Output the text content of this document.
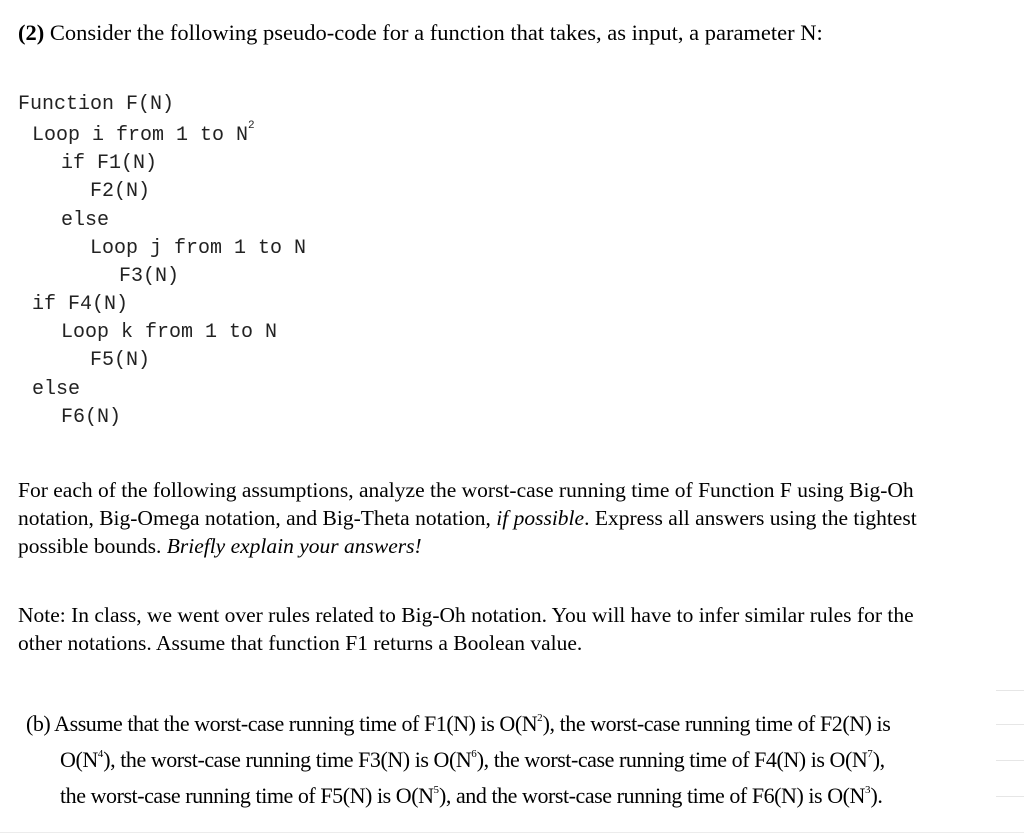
(2) Consider the following pseudo-code for a function that takes, as input, a parameter N:
Function F(N)
Loop i from 1 to $N^2$
if F1(N)
F2(N)
else
Loop j from 1 to N
F3(N)
if F4(N)
Loop k from 1 to N
F5(N)
else
F6(N)
For each of the following assumptions, analyze the worst-case running time of Function F using Big-Oh
notation, Big-Omega notation, and Big-Theta notation, if possible. Express all answers using the tightest
possible bounds. Briefly explain your answers!
Note: In class, we went over rules related to Big-Oh notation. You will have to infer similar rules for the
other notations. Assume that function F1 returns a Boolean value.
(b) Assume that the worst-case running time of F1(N) is $O(N^2)$, the worst-case running time of F2(N) is
$O(N^4)$, the worst-case running time F3(N) is $O(N^6)$, the worst-case running time of F4(N) is $O(N^7)$,
the worst-case running time of F5(N) is $O(N^5)$, and the worst-case running time of F6(N) is $O(N^3)$.
